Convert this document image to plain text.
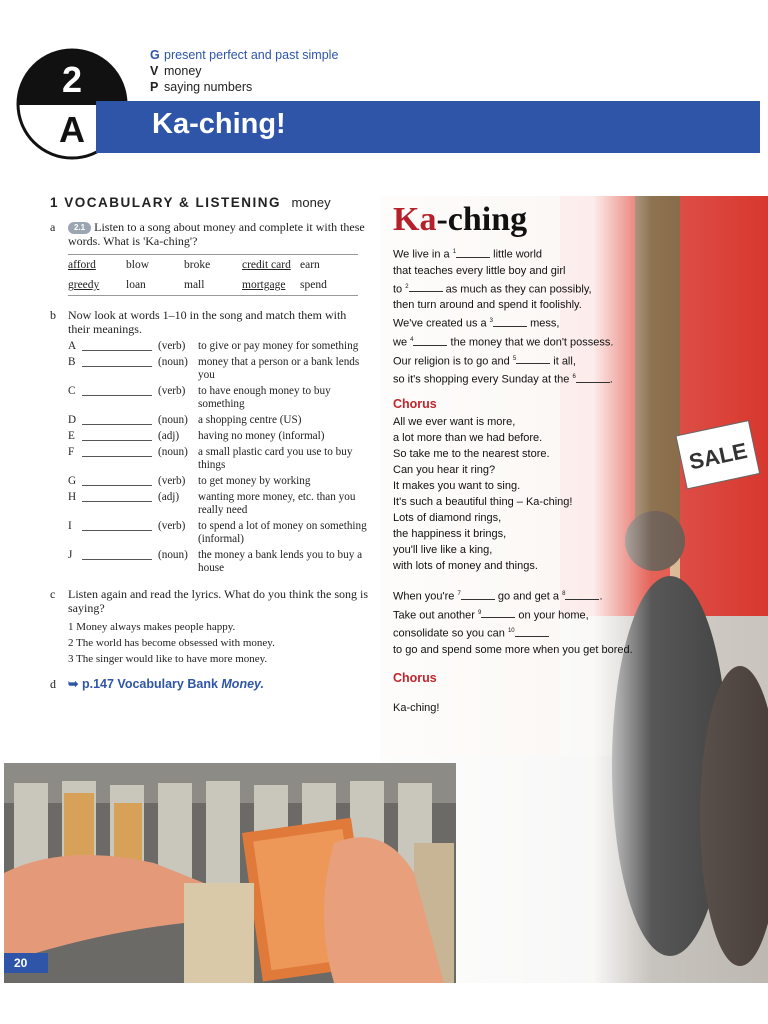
2
A
G present perfect and past simple
V money
P saying numbers
Ka-ching!
1 VOCABULARY & LISTENING money
a	2.1 Listen to a song about money and complete it with these words. What is 'Ka-ching'?
afford	blow	broke	credit card	earn
greedy	loan	mall	mortgage	spend
b	Now look at words 1–10 in the song and match them with their meanings.
A	(verb)	to give or pay money for something
B	(noun) money that a person or a bank lends you
C	(verb)	to have enough money to buy something
D	(noun) a shopping centre (US)
E	(adj)	having no money (informal)
F	(noun) a small plastic card you use to buy things
G	(verb)	to get money by working
H	(adj)	wanting more money, etc. than you really need
I	(verb)	to spend a lot of money on something (informal)
J	(noun) the money a bank lends you to buy a house
c	Listen again and read the lyrics. What do you think the song is saying?
1 Money always makes people happy.
2 The world has become obsessed with money.
3 The singer would like to have more money.
d ➥ p.147 Vocabulary Bank Money.
SALE
Ka-ching
We live in a $^1$	little world
that teaches every little boy and girl
to $^2$	as much as they can possibly,
then turn around and spend it foolishly.
We've created us a $^3$	mess,
we $^4$	the money that we don't possess.
Our religion is to go and $^5$	it all,
so it's shopping every Sunday at the $^6$	.
Chorus
All we ever want is more,
a lot more than we had before.
So take me to the nearest store.
Can you hear it ring?
It makes you want to sing.
It's such a beautiful thing – Ka-ching!
Lots of diamond rings,
the happiness it brings,
you'll live like a king,
with lots of money and things.
When you're $^7$	go and get a $^8$	.
Take out another $^9$	on your home,
consolidate so you can $^{10}$
to go and spend some more when you get bored.
Chorus
Ka-ching!
20
